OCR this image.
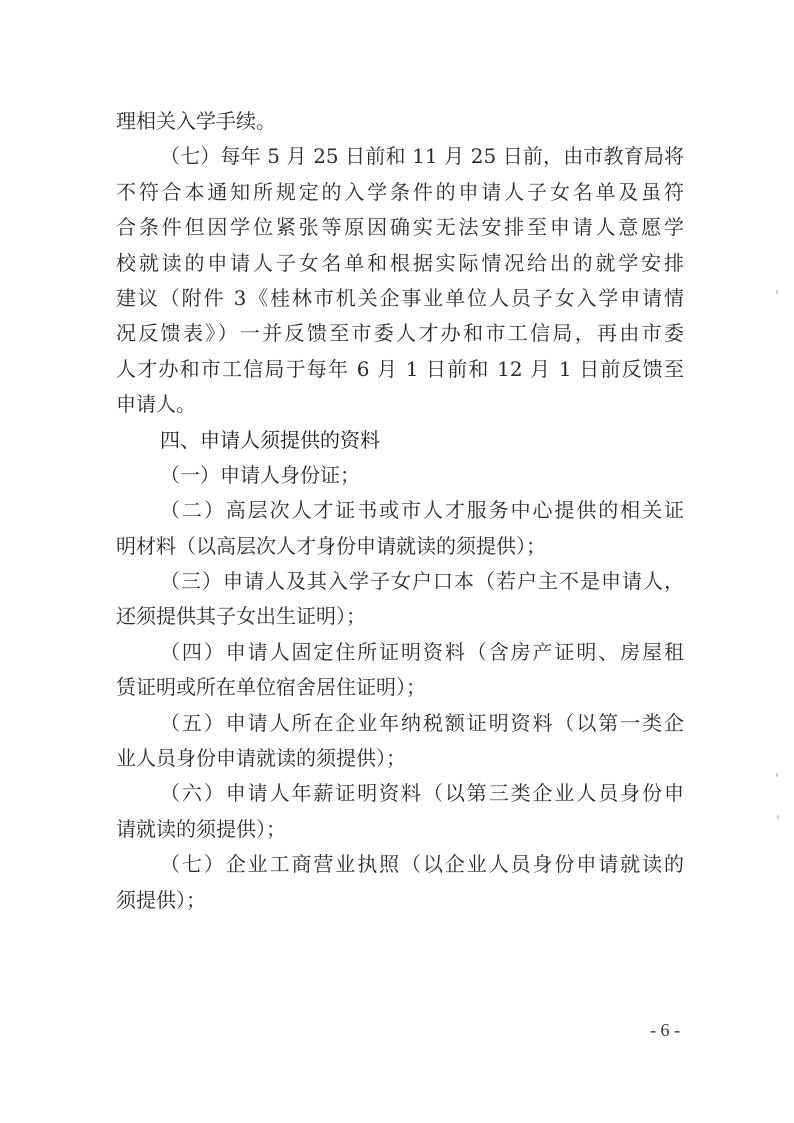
理相关入学手续。
（七）每年 5 月 25 日前和 11 月 25 日前，由市教育局将
不符合本通知所规定的入学条件的申请人子女名单及虽符
合条件但因学位紧张等原因确实无法安排至申请人意愿学
校就读的申请人子女名单和根据实际情况给出的就学安排
建议（附件 3《桂林市机关企事业单位人员子女入学申请情
况反馈表》）一并反馈至市委人才办和市工信局，再由市委
人才办和市工信局于每年 6 月 1 日前和 12 月 1 日前反馈至
申请人。
四、申请人须提供的资料
（一）申请人身份证；
（二）高层次人才证书或市人才服务中心提供的相关证
明材料（以高层次人才身份申请就读的须提供）；
（三）申请人及其入学子女户口本（若户主不是申请人，
还须提供其子女出生证明）；
（四）申请人固定住所证明资料（含房产证明、房屋租
赁证明或所在单位宿舍居住证明）；
（五）申请人所在企业年纳税额证明资料（以第一类企
业人员身份申请就读的须提供）；
（六）申请人年薪证明资料（以第三类企业人员身份申
请就读的须提供）；
（七）企业工商营业执照（以企业人员身份申请就读的
须提供）；
- 6 -
